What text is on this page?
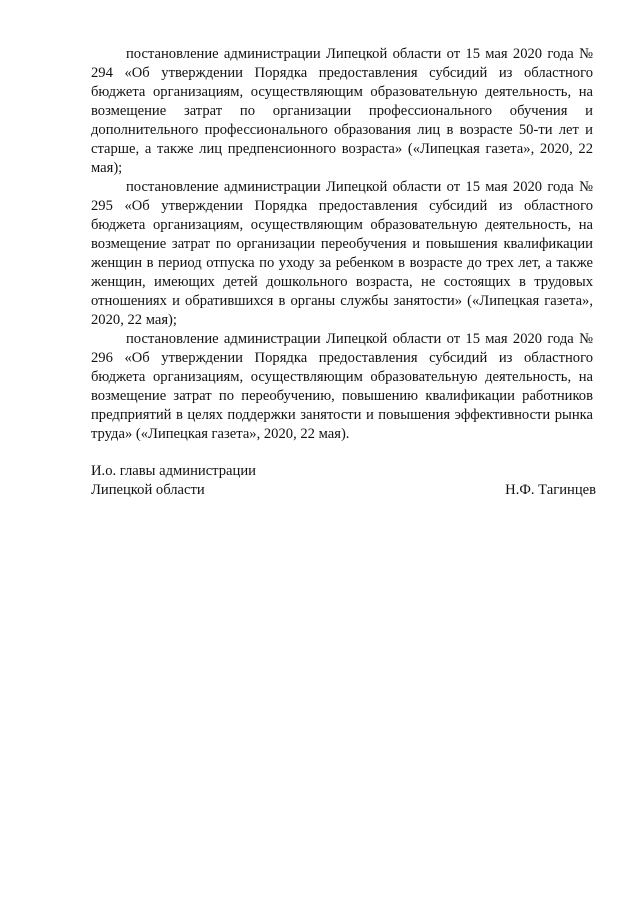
постановление администрации Липецкой области от 15 мая 2020 года № 294 «Об утверждении Порядка предоставления субсидий из областного бюджета организациям, осуществляющим образовательную деятельность, на возмещение затрат по организации профессионального обучения и дополнительного профессионального образования лиц в возрасте 50-ти лет и старше, а также лиц предпенсионного возраста» («Липецкая газета», 2020, 22 мая);

постановление администрации Липецкой области от 15 мая 2020 года № 295 «Об утверждении Порядка предоставления субсидий из областного бюджета организациям, осуществляющим образовательную деятельность, на возмещение затрат по организации переобучения и повышения квалификации женщин в период отпуска по уходу за ребенком в возрасте до трех лет, а также женщин, имеющих детей дошкольного возраста, не состоящих в трудовых отношениях и обратившихся в органы службы занятости» («Липецкая газета», 2020, 22 мая);

постановление администрации Липецкой области от 15 мая 2020 года № 296 «Об утверждении Порядка предоставления субсидий из областного бюджета организациям, осуществляющим образовательную деятельность, на возмещение затрат по переобучению, повышению квалификации работников предприятий в целях поддержки занятости и повышения эффективности рынка труда» («Липецкая газета», 2020, 22 мая).

И.о. главы администрации
Липецкой области	Н.Ф. Тагинцев
